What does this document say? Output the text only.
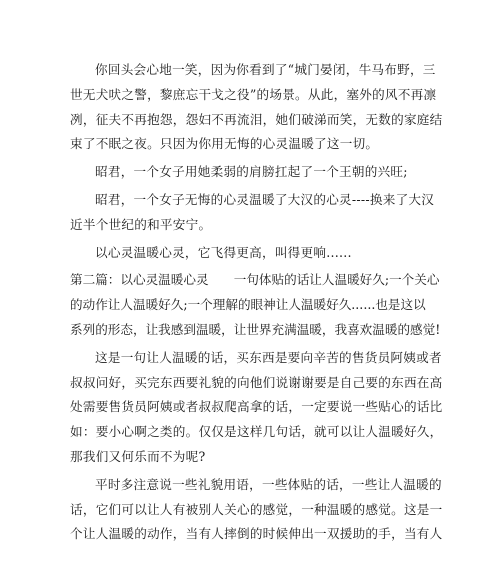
你回头会心地一笑，因为你看到了“城门晏闭，牛马布野，三
世无犬吠之警，黎庶忘干戈之役”的场景。从此，塞外的风不再凛
冽，征夫不再抱怨，怨妇不再流泪，她们破涕而笑，无数的家庭结
束了不眠之夜。只因为你用无悔的心灵温暖了这一切。

昭君，一个女子用她柔弱的肩膀扛起了一个王朝的兴旺;

昭君，一个女子无悔的心灵温暖了大汉的心灵----换来了大汉
近半个世纪的和平安宁。

以心灵温暖心灵，它飞得更高，叫得更响......

第二篇：以心灵温暖心灵　　一句体贴的话让人温暖好久;一个关心
的动作让人温暖好久;一个理解的眼神让人温暖好久......也是这以
系列的形态，让我感到温暖，让世界充满温暖，我喜欢温暖的感觉!

这是一句让人温暖的话，买东西是要向辛苦的售货员阿姨或者
叔叔问好，买完东西要礼貌的向他们说谢谢要是自己要的东西在高
处需要售货员阿姨或者叔叔爬高拿的话，一定要说一些贴心的话比
如：要小心啊之类的。仅仅是这样几句话，就可以让人温暖好久，
那我们又何乐而不为呢?

平时多注意说一些礼貌用语，一些体贴的话，一些让人温暖的
话，它们可以让人有被别人关心的感觉，一种温暖的感觉。这是一
个让人温暖的动作，当有人摔倒的时候伸出一双援助的手，当有人
